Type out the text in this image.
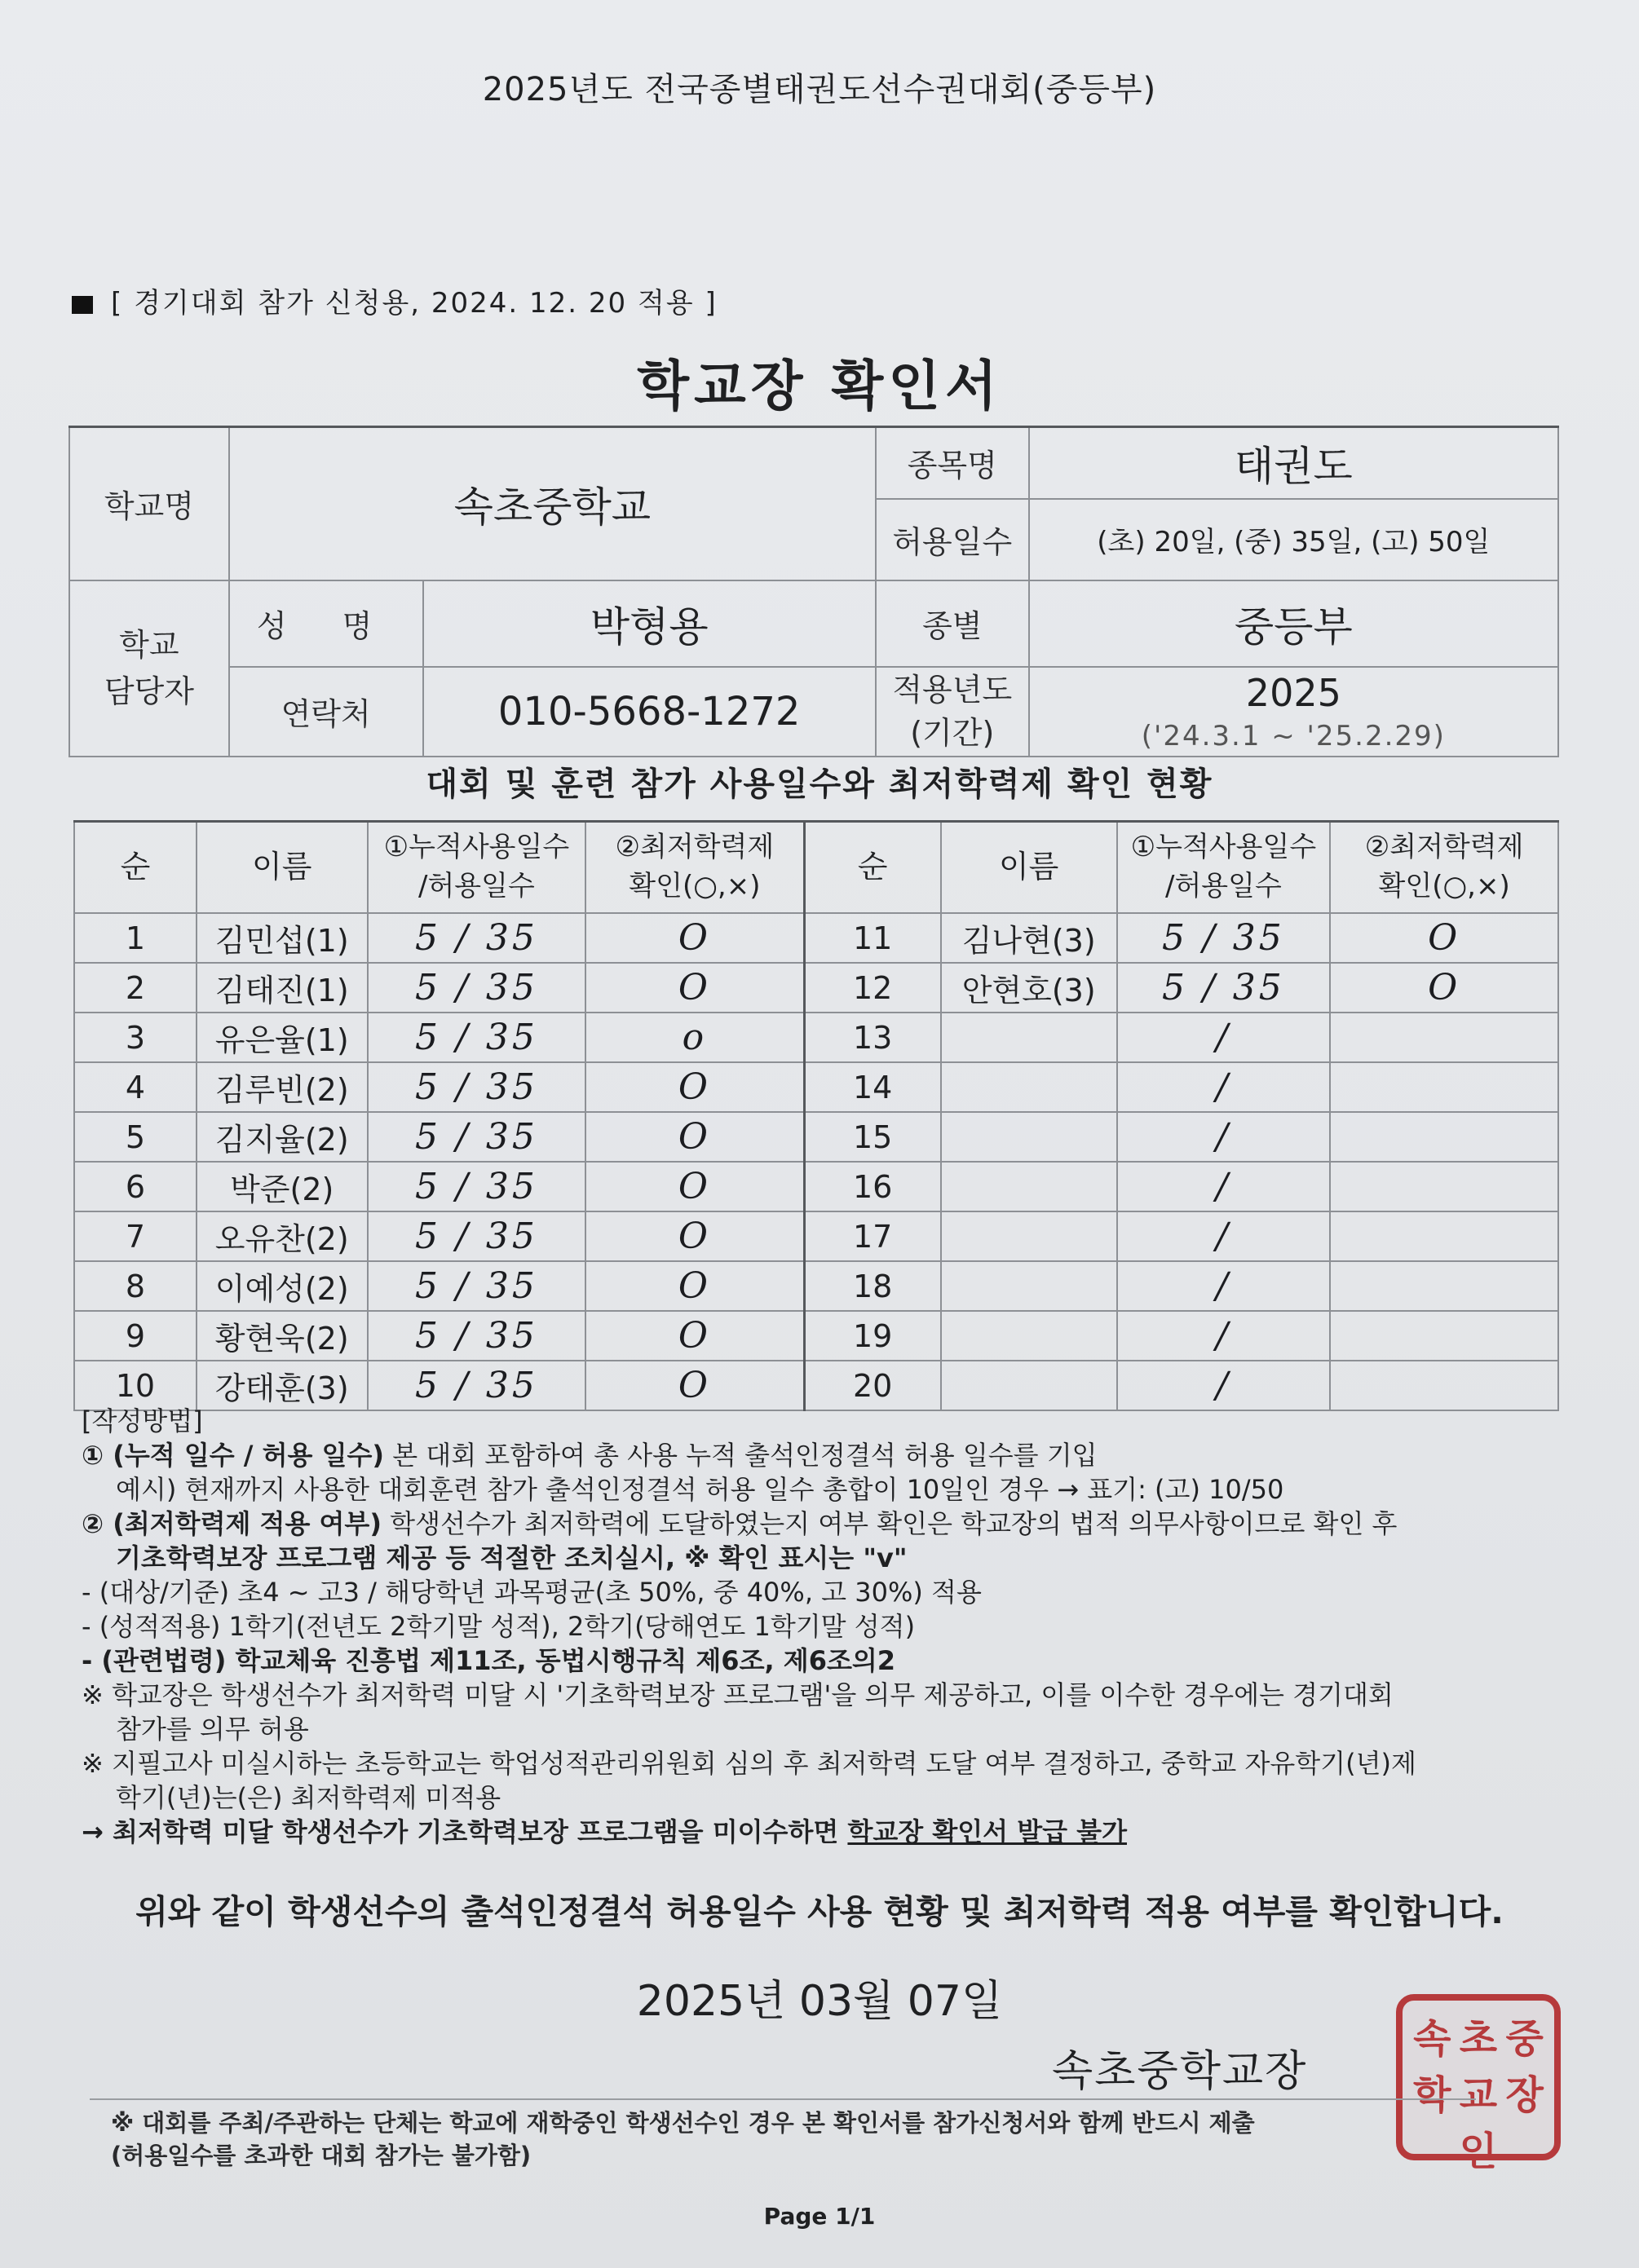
2025년도 전국종별태권도선수권대회(중등부)
[ 경기대회 참가 신청용, 2024. 12. 20 적용 ]
학교장 확인서
학교명	속초중학교		종목명	태권도
			허용일수	(초) 20일, (중) 35일, (고) 50일
학교
담당자	성 명	박형용	종별	중등부
	연락처	010-5668-1272	적용년도
(기간)	2025
('24.3.1 ~ '25.2.29)
대회 및 훈련 참가 사용일수와 최저학력제 확인 현황
순	이름	①누적사용일수
/허용일수	②최저학력제
확인(○,×)	순	이름	①누적사용일수
/허용일수	②최저학력제
확인(○,×)
1	김민섭(1)	5 / 35	O	11	김나현(3)	5 / 35	O
2	김태진(1)	5 / 35	O	12	안현호(3)	5 / 35	O
3	유은율(1)	5 / 35	o	13		/	
4	김루빈(2)	5 / 35	O	14		/	
5	김지율(2)	5 / 35	O	15		/	
6	박준(2)	5 / 35	O	16		/	
7	오유찬(2)	5 / 35	O	17		/	
8	이예성(2)	5 / 35	O	18		/	
9	황현욱(2)	5 / 35	O	19		/	
10	강태훈(3)	5 / 35	O	20		/	

[작성방법]

① (누적 일수 / 허용 일수) 본 대회 포함하여 총 사용 누적 출석인정결석 허용 일수를 기입

예시) 현재까지 사용한 대회훈련 참가 출석인정결석 허용 일수 총합이 10일인 경우 → 표기: (고) 10/50

② (최저학력제 적용 여부) 학생선수가 최저학력에 도달하였는지 여부 확인은 학교장의 법적 의무사항이므로 확인 후

기초학력보장 프로그램 제공 등 적절한 조치실시, ※ 확인 표시는 "v"

- (대상/기준) 초4 ~ 고3 / 해당학년 과목평균(초 50%, 중 40%, 고 30%) 적용

- (성적적용) 1학기(전년도 2학기말 성적), 2학기(당해연도 1학기말 성적)

- (관련법령) 학교체육 진흥법 제11조, 동법시행규칙 제6조, 제6조의2

※ 학교장은 학생선수가 최저학력 미달 시 '기초학력보장 프로그램'을 의무 제공하고, 이를 이수한 경우에는 경기대회

참가를 의무 허용

※ 지필고사 미실시하는 초등학교는 학업성적관리위원회 심의 후 최저학력 도달 여부 결정하고, 중학교 자유학기(년)제

학기(년)는(은) 최저학력제 미적용

→ 최저학력 미달 학생선수가 기초학력보장 프로그램을 미이수하면 학교장 확인서 발급 불가

위와 같이 학생선수의 출석인정결석 허용일수 사용 현황 및 최저학력 적용 여부를 확인합니다.
2025년 03월 07일
속초중학교장
속 초 중
학 교 장
인

※ 대회를 주최/주관하는 단체는 학교에 재학중인 학생선수인 경우 본 확인서를 참가신청서와 함께 반드시 제출

(허용일수를 초과한 대회 참가는 불가함)

Page 1/1
